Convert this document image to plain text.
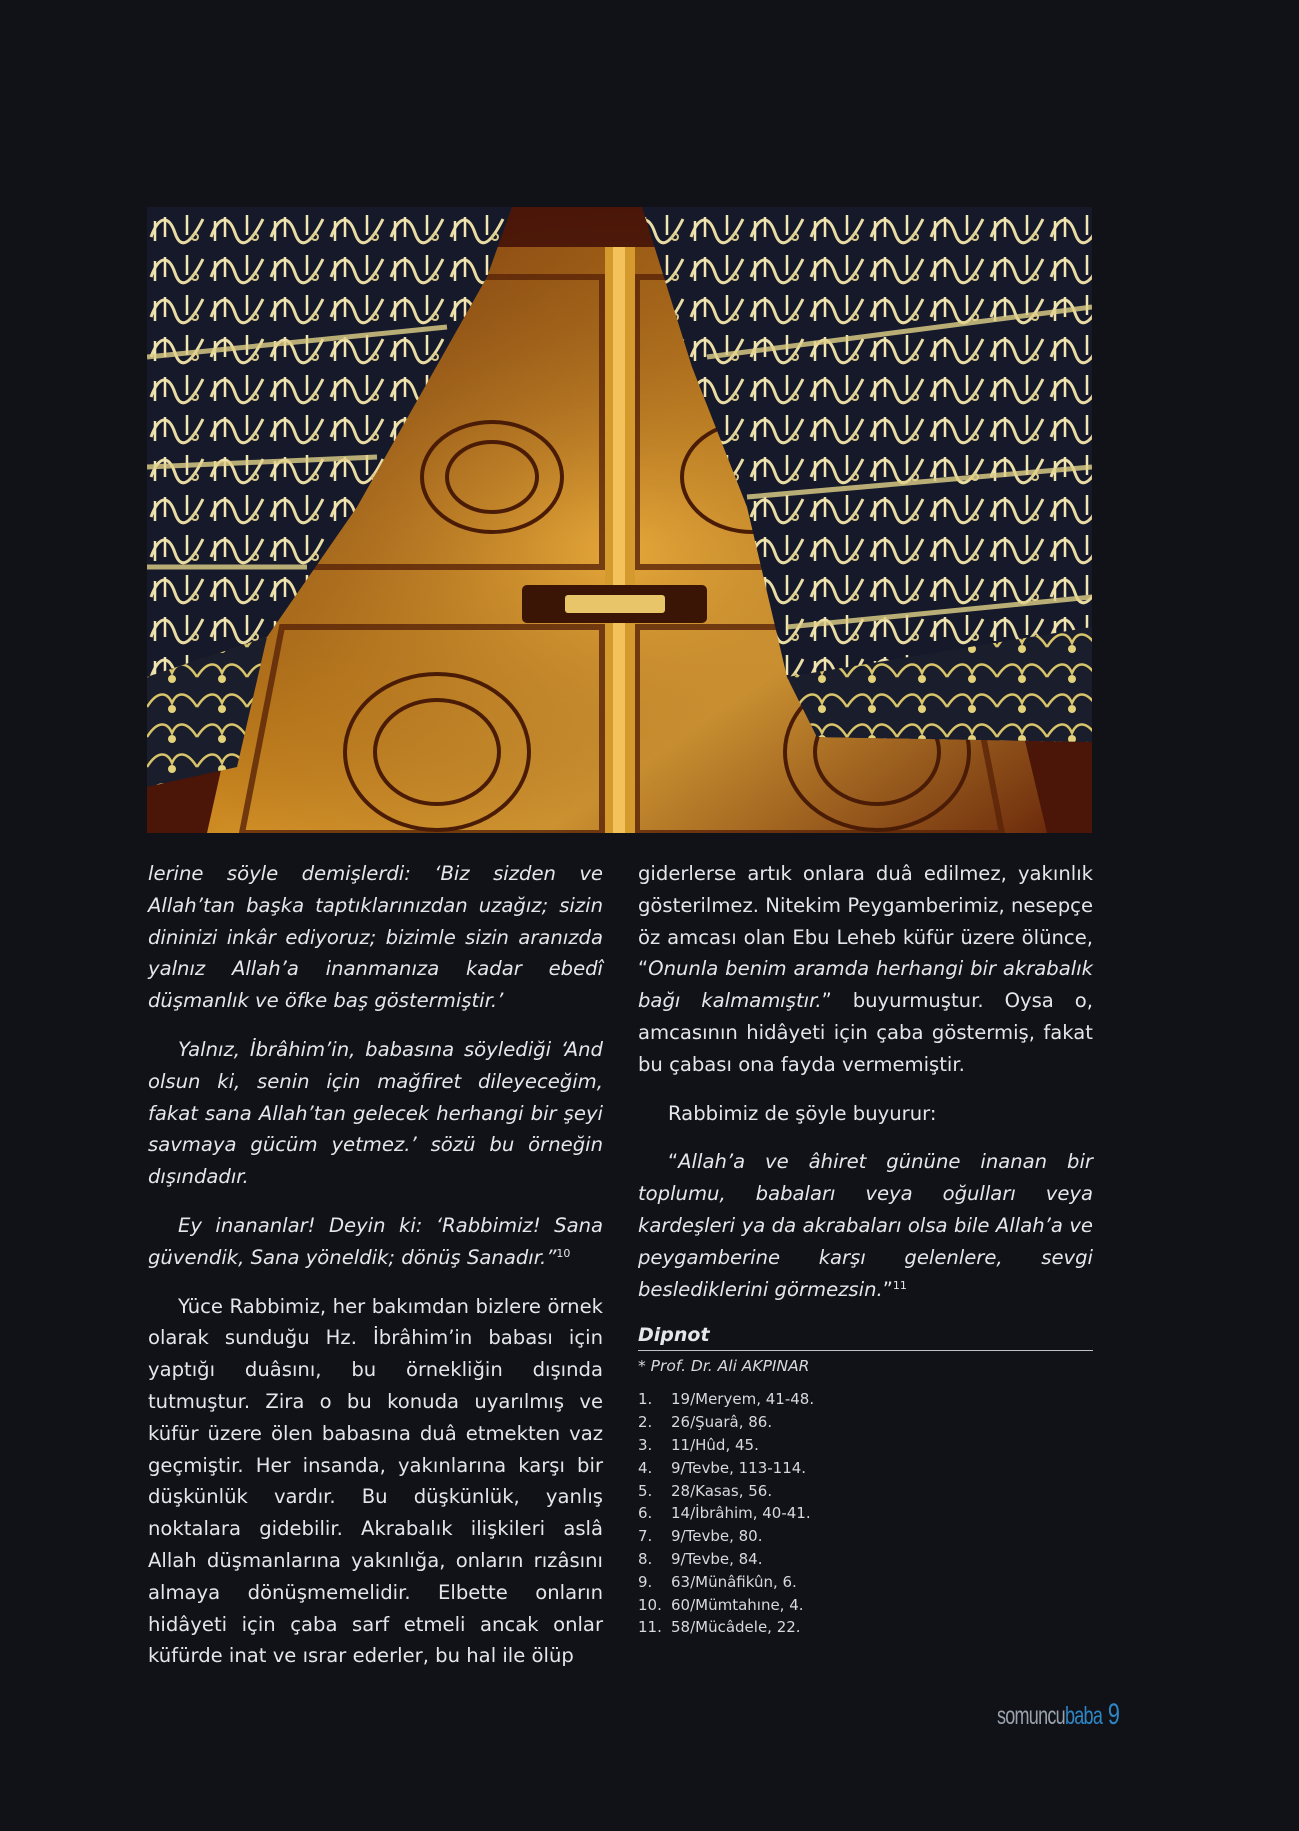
lerine söyle demişlerdi: ‘Biz sizden ve Allah’tan başka taptıklarınızdan uzağız; sizin dininizi inkâr ediyoruz; bizimle sizin aranızda yalnız Allah’a inanmanıza kadar ebedî düşmanlık ve öfke baş göstermiştir.’

Yalnız, İbrâhim’in, babasına söylediği ‘And olsun ki, senin için mağfiret dileyeceğim, fakat sana Allah’tan gelecek herhangi bir şeyi savmaya gücüm yetmez.’ sözü bu örneğin dışındadır.

Ey inananlar! Deyin ki: ‘Rabbimiz! Sana güvendik, Sana yöneldik; dönüş Sanadır.”$^{10}$

Yüce Rabbimiz, her bakımdan bizlere örnek olarak sunduğu Hz. İbrâhim’in babası için yaptığı duâsını, bu örnekliğin dışında tutmuştur. Zira o bu konuda uyarılmış ve küfür üzere ölen babasına duâ etmekten vaz geçmiştir. Her insanda, yakınlarına karşı bir düşkünlük vardır. Bu düşkünlük, yanlış noktalara gidebilir. Akrabalık ilişkileri aslâ Allah düşmanlarına yakınlığa, onların rızâsını almaya dönüşmemelidir. Elbette onların hidâyeti için çaba sarf etmeli ancak onlar küfürde inat ve ısrar ederler, bu hal ile ölüp

giderlerse artık onlara duâ edilmez, yakınlık gösterilmez. Nitekim Peygamberimiz, nesepçe öz amcası olan Ebu Leheb küfür üzere ölünce, “Onunla benim aramda herhangi bir akrabalık bağı kalmamıştır.” buyurmuştur. Oysa o, amcasının hidâyeti için çaba göstermiş, fakat bu çabası ona fayda vermemiştir.

Rabbimiz de şöyle buyurur:

“Allah’a ve âhiret gününe inanan bir toplumu, babaları veya oğulları veya kardeşleri ya da akrabaları olsa bile Allah’a ve peygamberine karşı gelenlere, sevgi beslediklerini görmezsin.”$^{11}$

Dipnot
* Prof. Dr. Ali AKPINAR
1.	19/Meryem, 41-48.
2.	26/Şuarâ, 86.
3.	11/Hûd, 45.
4.	9/Tevbe, 113-114.
5.	28/Kasas, 56.
6.	14/İbrâhim, 40-41.
7.	9/Tevbe, 80.
8.	9/Tevbe, 84.
9.	63/Münâfikûn, 6.
10. 60/Mümtahıne, 4.
11. 58/Mücâdele, 22.
somuncubaba 9
